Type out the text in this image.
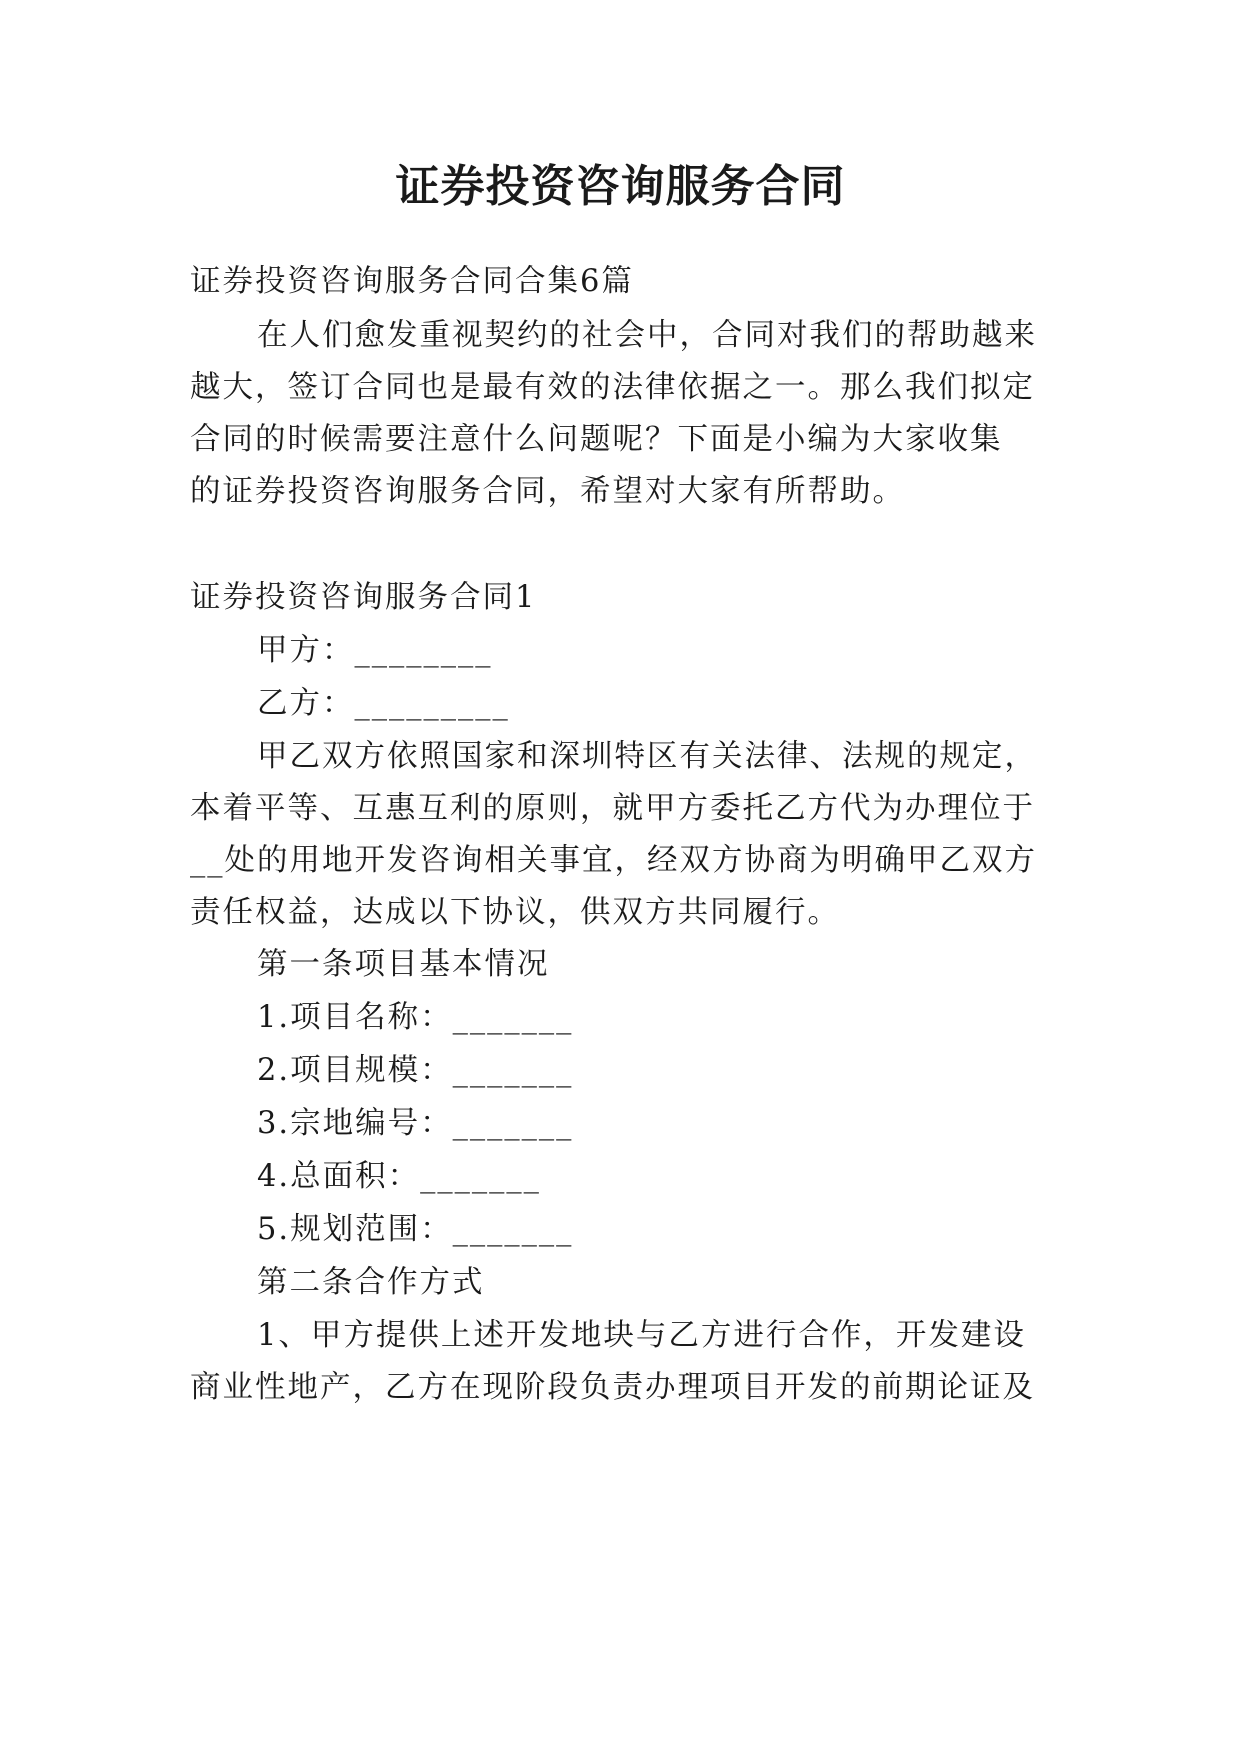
证券投资咨询服务合同
证券投资咨询服务合同合集6篇
在人们愈发重视契约的社会中，合同对我们的帮助越来
越大，签订合同也是最有效的法律依据之一。那么我们拟定
合同的时候需要注意什么问题呢？下面是小编为大家收集
的证券投资咨询服务合同，希望对大家有所帮助。
证券投资咨询服务合同1
甲方：________
乙方：_________
甲乙双方依照国家和深圳特区有关法律、法规的规定，
本着平等、互惠互利的原则，就甲方委托乙方代为办理位于
__处的用地开发咨询相关事宜，经双方协商为明确甲乙双方
责任权益，达成以下协议，供双方共同履行。
第一条项目基本情况
1.项目名称：_______
2.项目规模：_______
3.宗地编号：_______
4.总面积：_______
5.规划范围：_______
第二条合作方式
1、甲方提供上述开发地块与乙方进行合作，开发建设
商业性地产，乙方在现阶段负责办理项目开发的前期论证及
